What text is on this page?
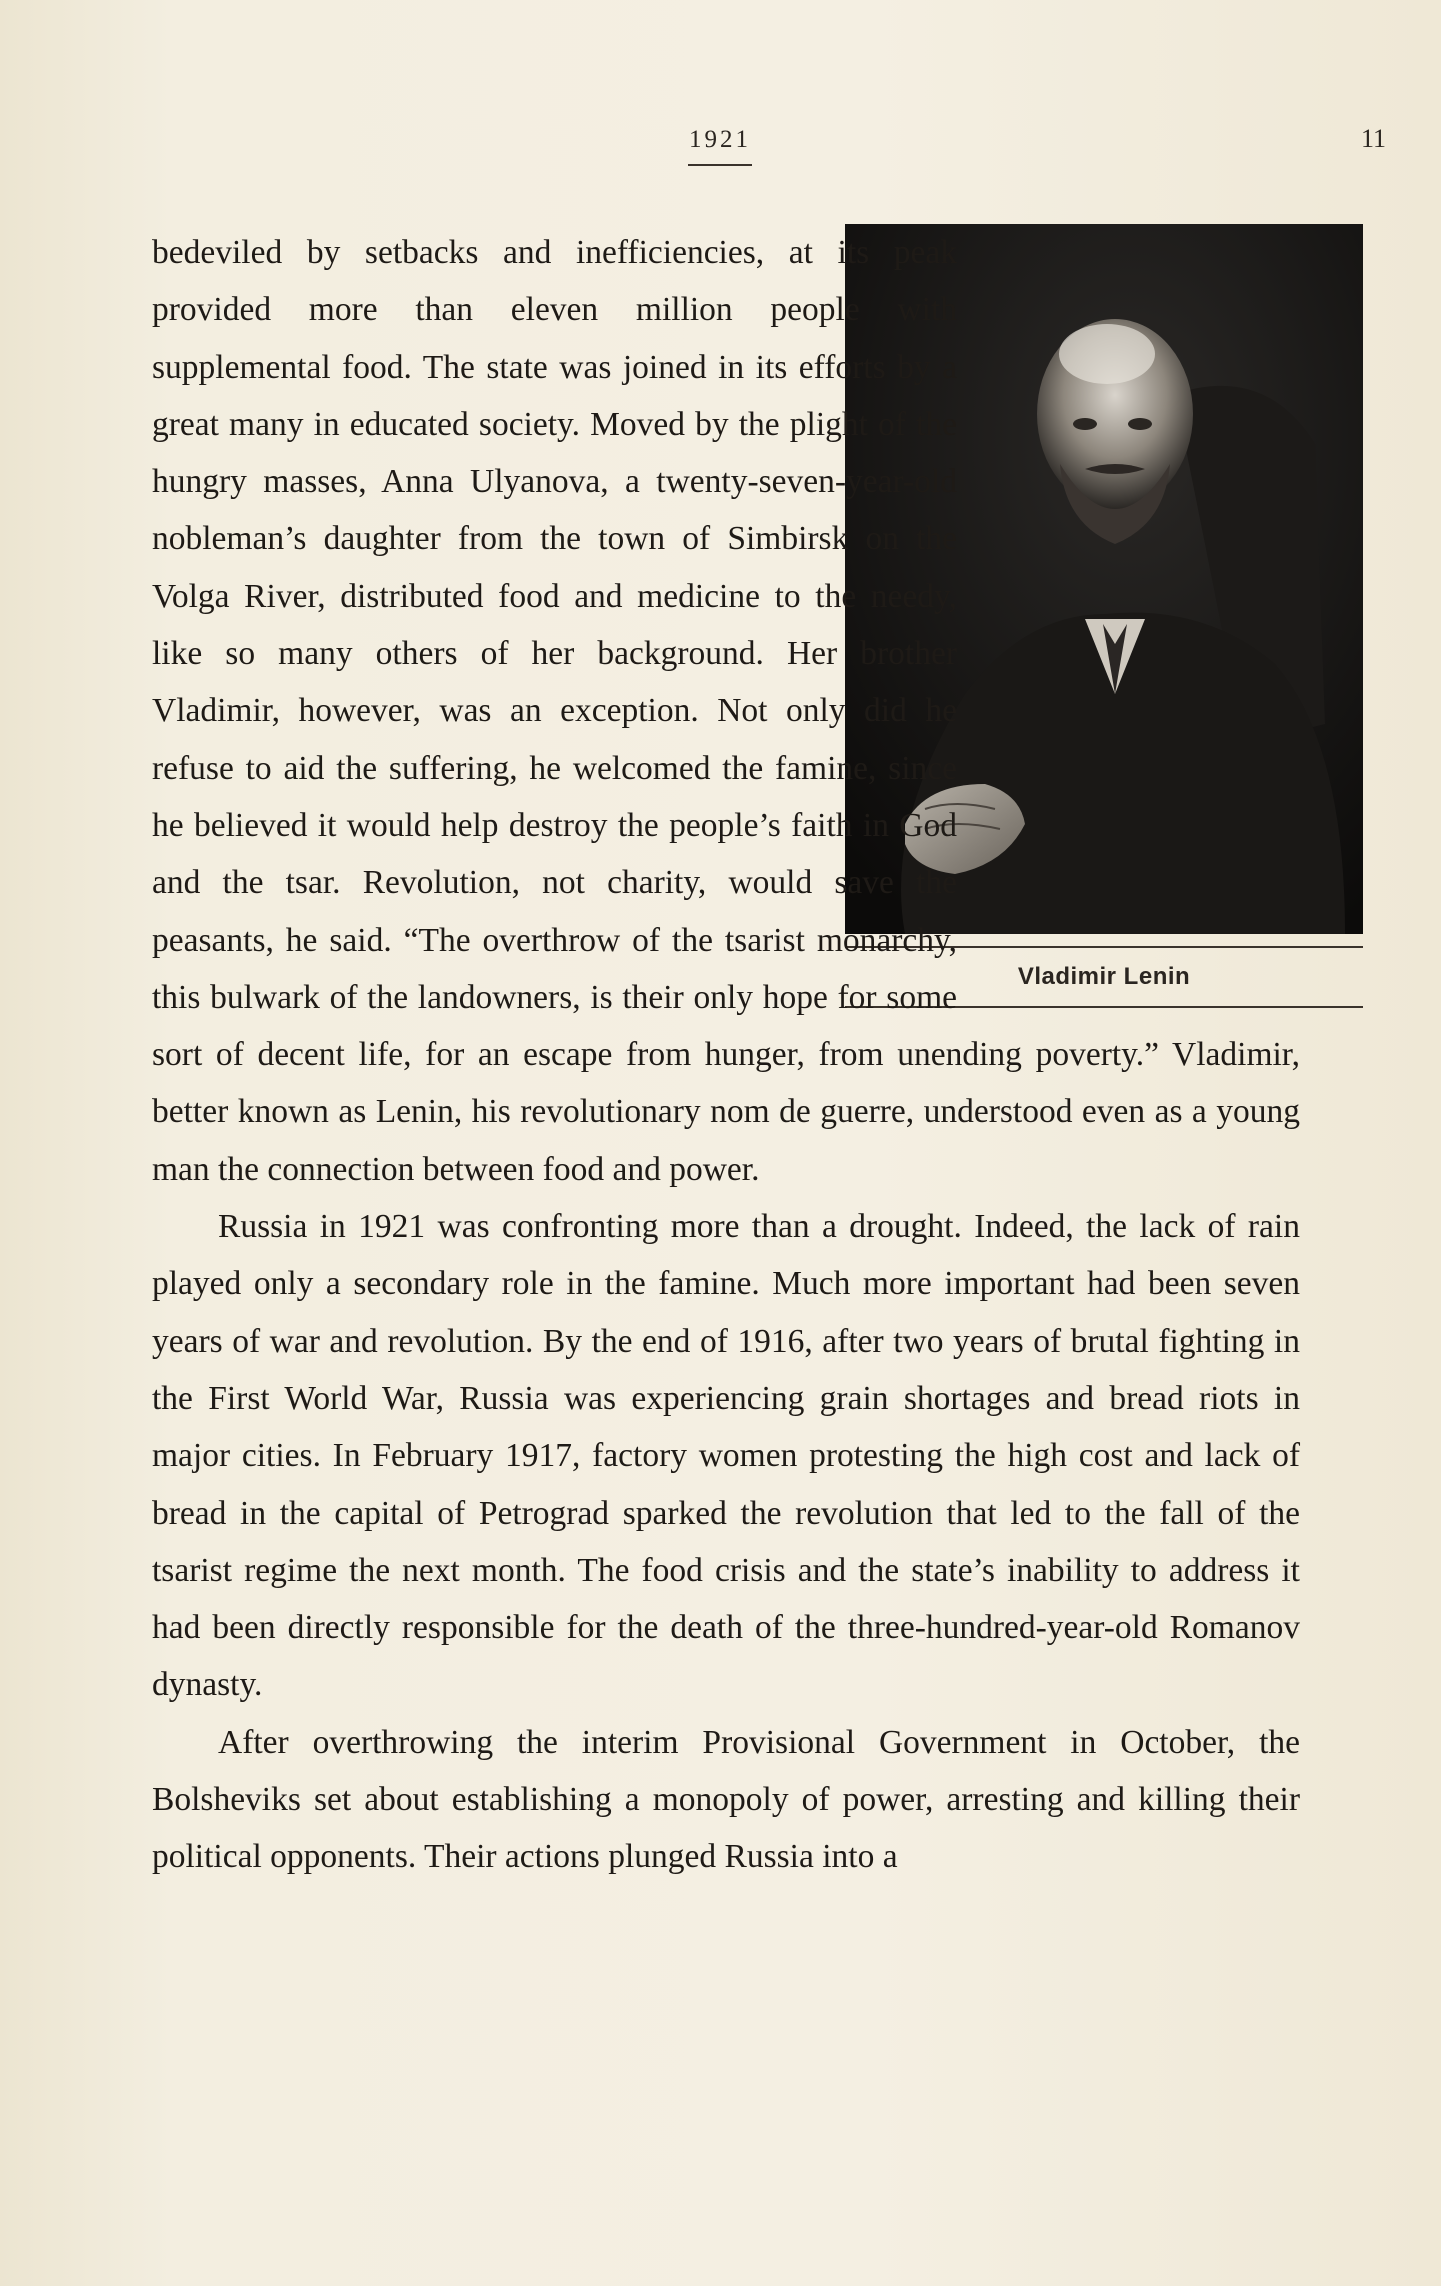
1921	11
Vladimir Lenin

bedeviled by setbacks and inefficiencies, at its peak provided more than eleven million people with supplemental food. The state was joined in its efforts by a great many in educated society. Moved by the plight of the hungry masses, Anna Ulyanova, a twenty-seven-year-old nobleman’s daughter from the town of Simbirsk on the Volga River, distributed food and medicine to the needy, like so many others of her background. Her brother Vladimir, however, was an exception. Not only did he refuse to aid the suffering, he welcomed the famine, since he believed it would help destroy the people’s faith in God and the tsar. Revolution, not charity, would save the peasants, he said. “The overthrow of the tsarist monarchy, this bulwark of the landowners, is their only hope for some sort of decent life, for an escape from hunger, from unending poverty.” Vladimir, better known as Lenin, his revolutionary nom de guerre, understood even as a young man the connection between food and power.

Russia in 1921 was confronting more than a drought. Indeed, the lack of rain played only a secondary role in the famine. Much more important had been seven years of war and revolution. By the end of 1916, after two years of brutal fighting in the First World War, Russia was experiencing grain shortages and bread riots in major cities. In February 1917, factory women protesting the high cost and lack of bread in the capital of Petrograd sparked the revolution that led to the fall of the tsarist regime the next month. The food crisis and the state’s inability to address it had been directly responsible for the death of the three-hundred-year-old Romanov dynasty.

After overthrowing the interim Provisional Government in October, the Bolsheviks set about establishing a monopoly of power, arresting and killing their political opponents. Their actions plunged Russia into a
